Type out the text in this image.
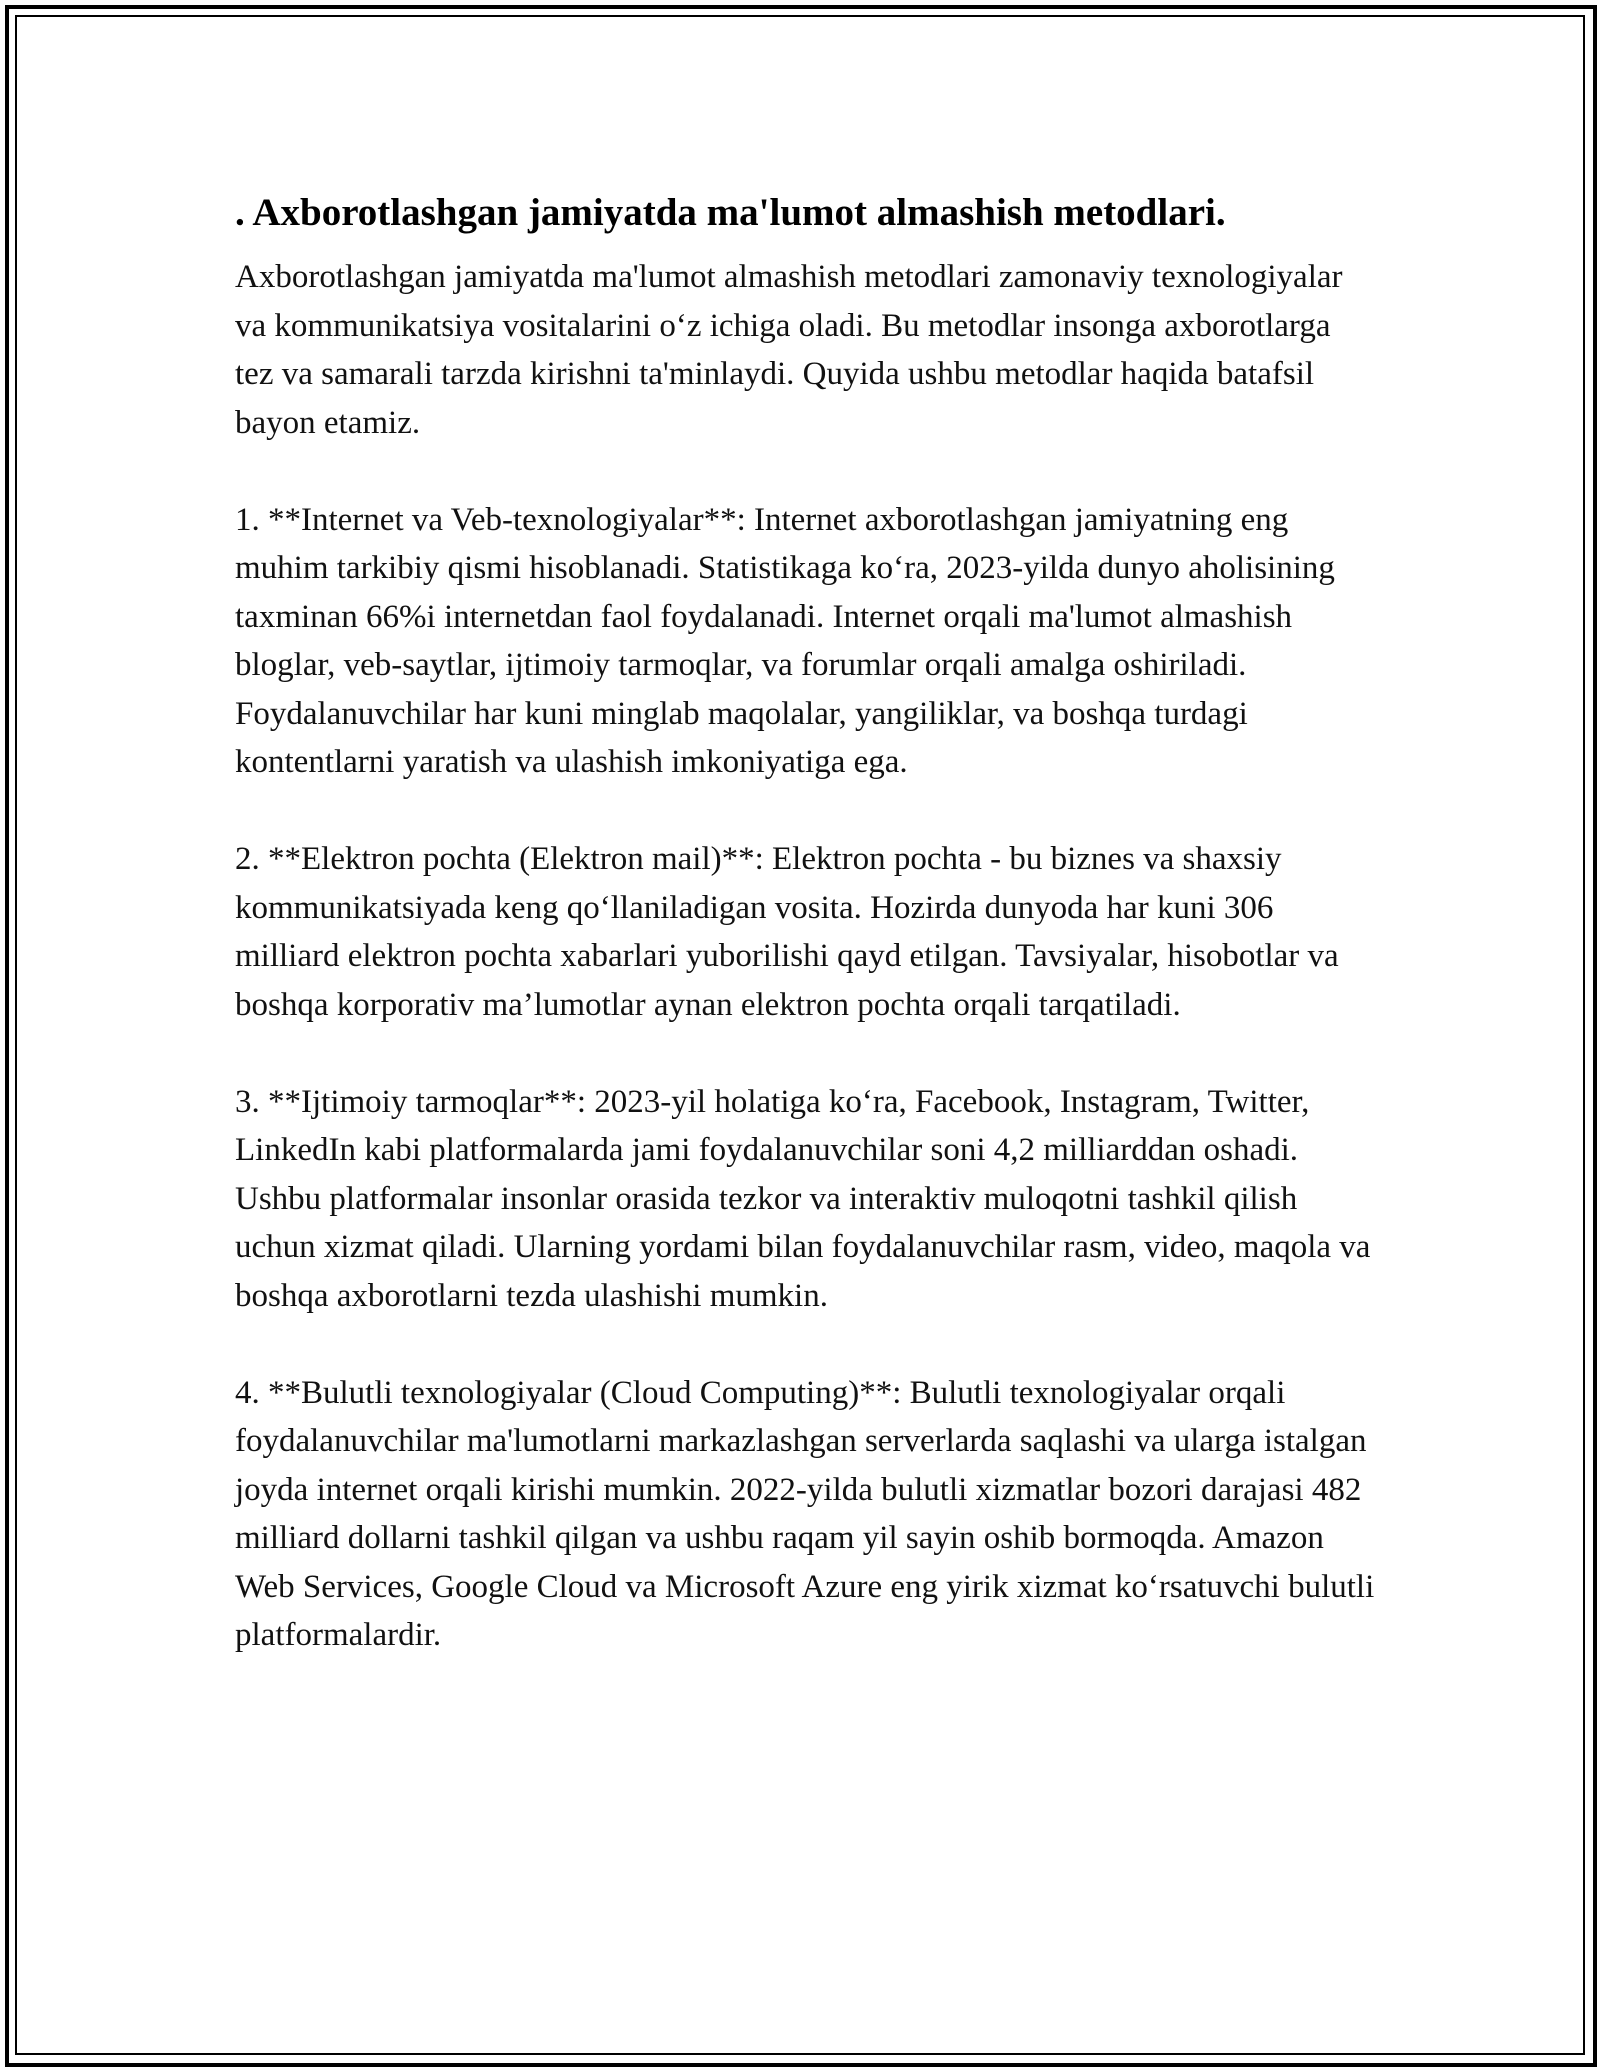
. Axborotlashgan jamiyatda ma'lumot almashish metodlari.

Axborotlashgan jamiyatda ma'lumot almashish metodlari zamonaviy texnologiyalar va kommunikatsiya vositalarini o‘z ichiga oladi. Bu metodlar insonga axborotlarga tez va samarali tarzda kirishni ta'minlaydi. Quyida ushbu metodlar haqida batafsil bayon etamiz.

1. **Internet va Veb-texnologiyalar**: Internet axborotlashgan jamiyatning eng muhim tarkibiy qismi hisoblanadi. Statistikaga ko‘ra, 2023-yilda dunyo aholisining taxminan 66%i internetdan faol foydalanadi. Internet orqali ma'lumot almashish bloglar, veb-saytlar, ijtimoiy tarmoqlar, va forumlar orqali amalga oshiriladi. Foydalanuvchilar har kuni minglab maqolalar, yangiliklar, va boshqa turdagi kontentlarni yaratish va ulashish imkoniyatiga ega.

2. **Elektron pochta (Elektron mail)**: Elektron pochta - bu biznes va shaxsiy kommunikatsiyada keng qo‘llaniladigan vosita. Hozirda dunyoda har kuni 306 milliard elektron pochta xabarlari yuborilishi qayd etilgan. Tavsiyalar, hisobotlar va boshqa korporativ ma’lumotlar aynan elektron pochta orqali tarqatiladi.

3. **Ijtimoiy tarmoqlar**: 2023-yil holatiga ko‘ra, Facebook, Instagram, Twitter, LinkedIn kabi platformalarda jami foydalanuvchilar soni 4,2 milliarddan oshadi. Ushbu platformalar insonlar orasida tezkor va interaktiv muloqotni tashkil qilish uchun xizmat qiladi. Ularning yordami bilan foydalanuvchilar rasm, video, maqola va boshqa axborotlarni tezda ulashishi mumkin.

4. **Bulutli texnologiyalar (Cloud Computing)**: Bulutli texnologiyalar orqali foydalanuvchilar ma'lumotlarni markazlashgan serverlarda saqlashi va ularga istalgan joyda internet orqali kirishi mumkin. 2022-yilda bulutli xizmatlar bozori darajasi 482 milliard dollarni tashkil qilgan va ushbu raqam yil sayin oshib bormoqda. Amazon Web Services, Google Cloud va Microsoft Azure eng yirik xizmat ko‘rsatuvchi bulutli platformalardir.
